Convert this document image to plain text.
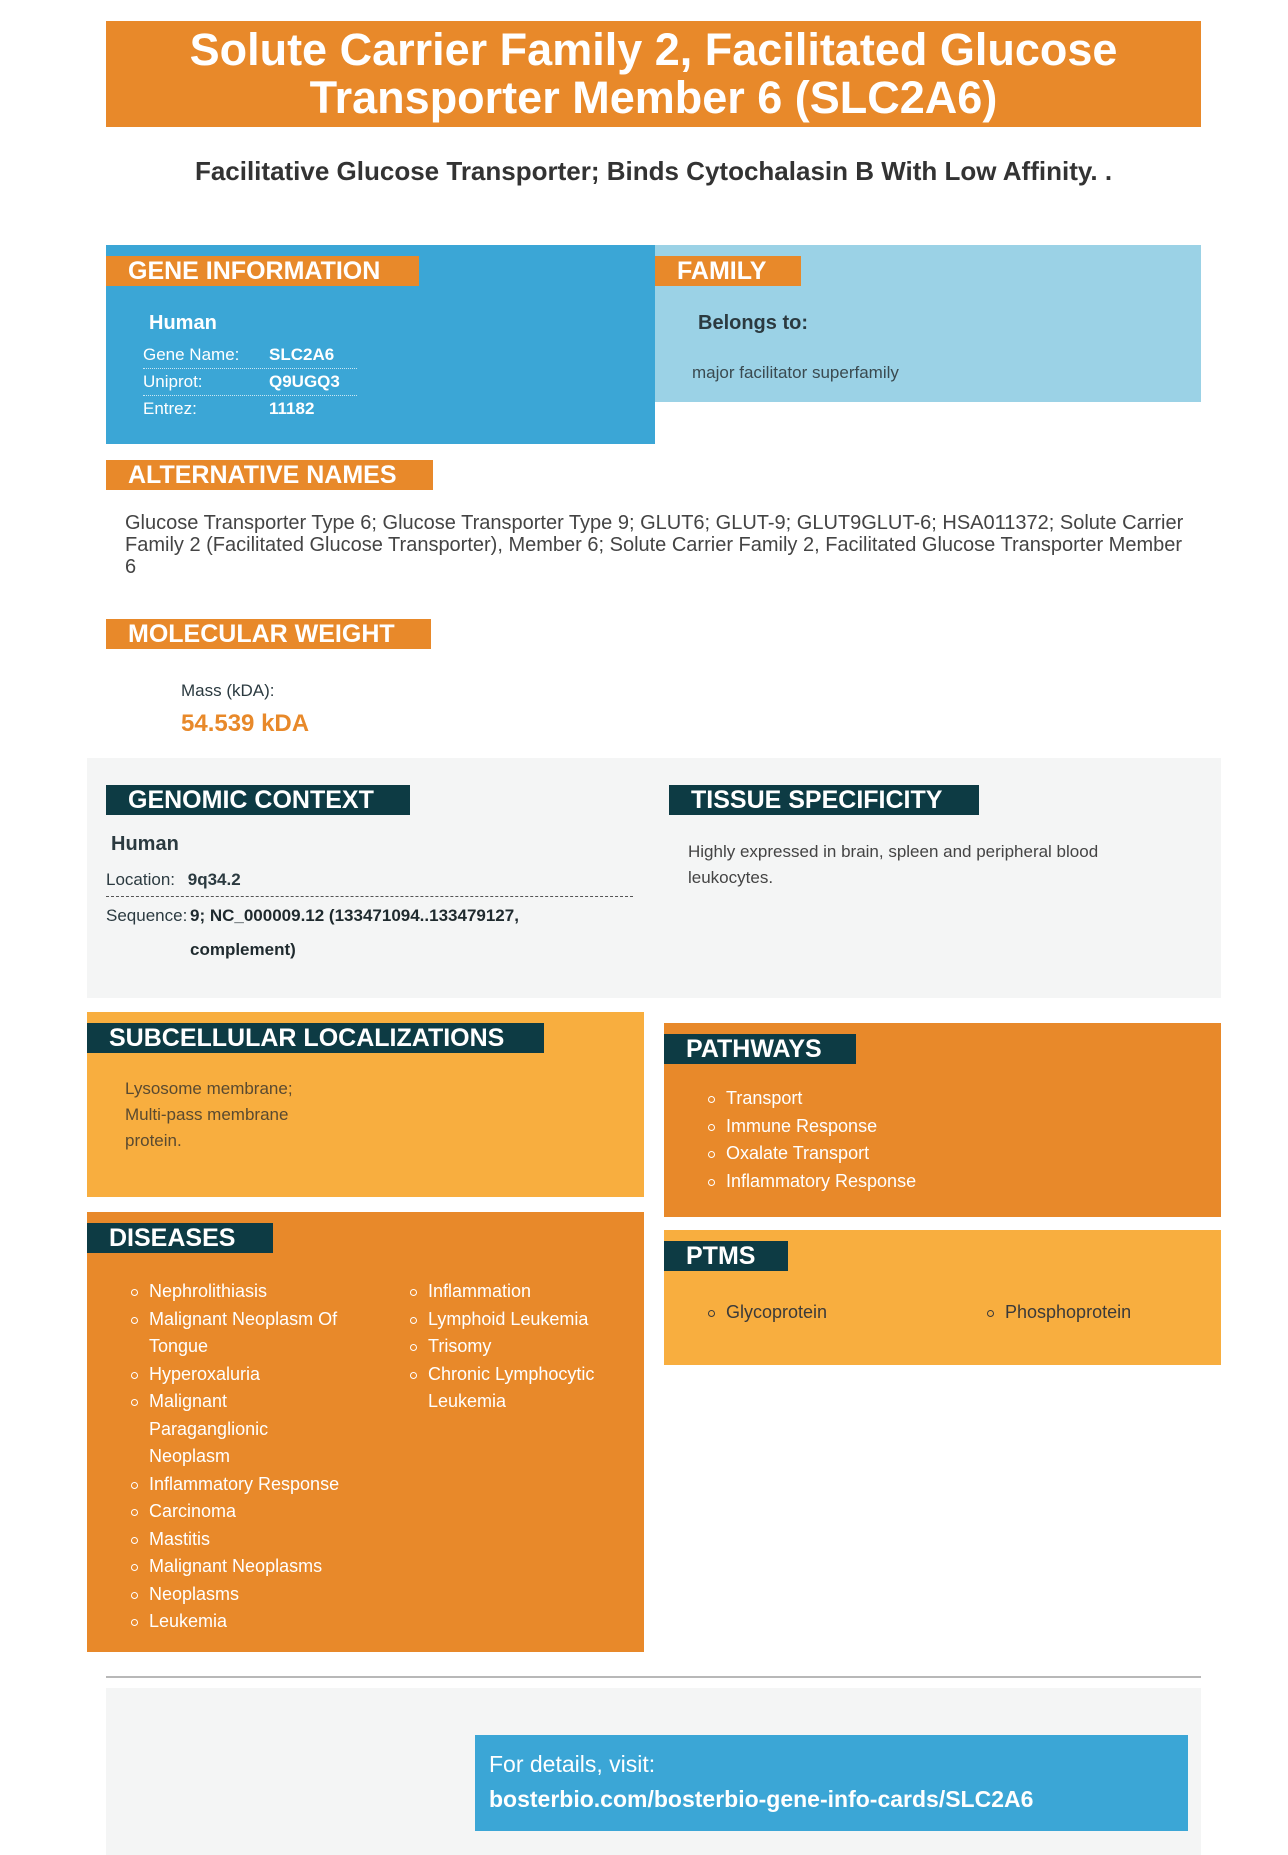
Solute Carrier Family 2, Facilitated Glucose
Transporter Member 6 (SLC2A6)
Facilitative Glucose Transporter; Binds Cytochalasin B With Low Affinity. .
GENE INFORMATION
Human
Gene Name: SLC2A6
Uniprot:	Q9UGQ3
Entrez:	11182
FAMILY
Belongs to:
major facilitator superfamily
ALTERNATIVE NAMES
Glucose Transporter Type 6; Glucose Transporter Type 9; GLUT6; GLUT-9; GLUT9GLUT-6; HSA011372; Solute Carrier Family 2 (Facilitated Glucose Transporter), Member 6; Solute Carrier Family 2, Facilitated Glucose Transporter Member 6
MOLECULAR WEIGHT
Mass (kDA):
54.539 kDA
GENOMIC CONTEXT
Human
Location: 9q34.2
Sequence: 9; NC_000009.12 (133471094..133479127,
complement)
TISSUE SPECIFICITY
Highly expressed in brain, spleen and peripheral blood
leukocytes.
SUBCELLULAR LOCALIZATIONS
Lysosome membrane;
Multi-pass membrane
protein.
PATHWAYS
Transport
Immune Response
Oxalate Transport
Inflammatory Response
DISEASES
Nephrolithiasis
Malignant Neoplasm Of
Tongue
Hyperoxaluria
Malignant
Paraganglionic
Neoplasm
Inflammatory Response
Carcinoma
Mastitis
Malignant Neoplasms
Neoplasms
Leukemia
Inflammation
Lymphoid Leukemia
Trisomy
Chronic Lymphocytic
Leukemia
PTMS
Glycoprotein	Phosphoprotein
For details, visit:
bosterbio.com/bosterbio-gene-info-cards/SLC2A6
